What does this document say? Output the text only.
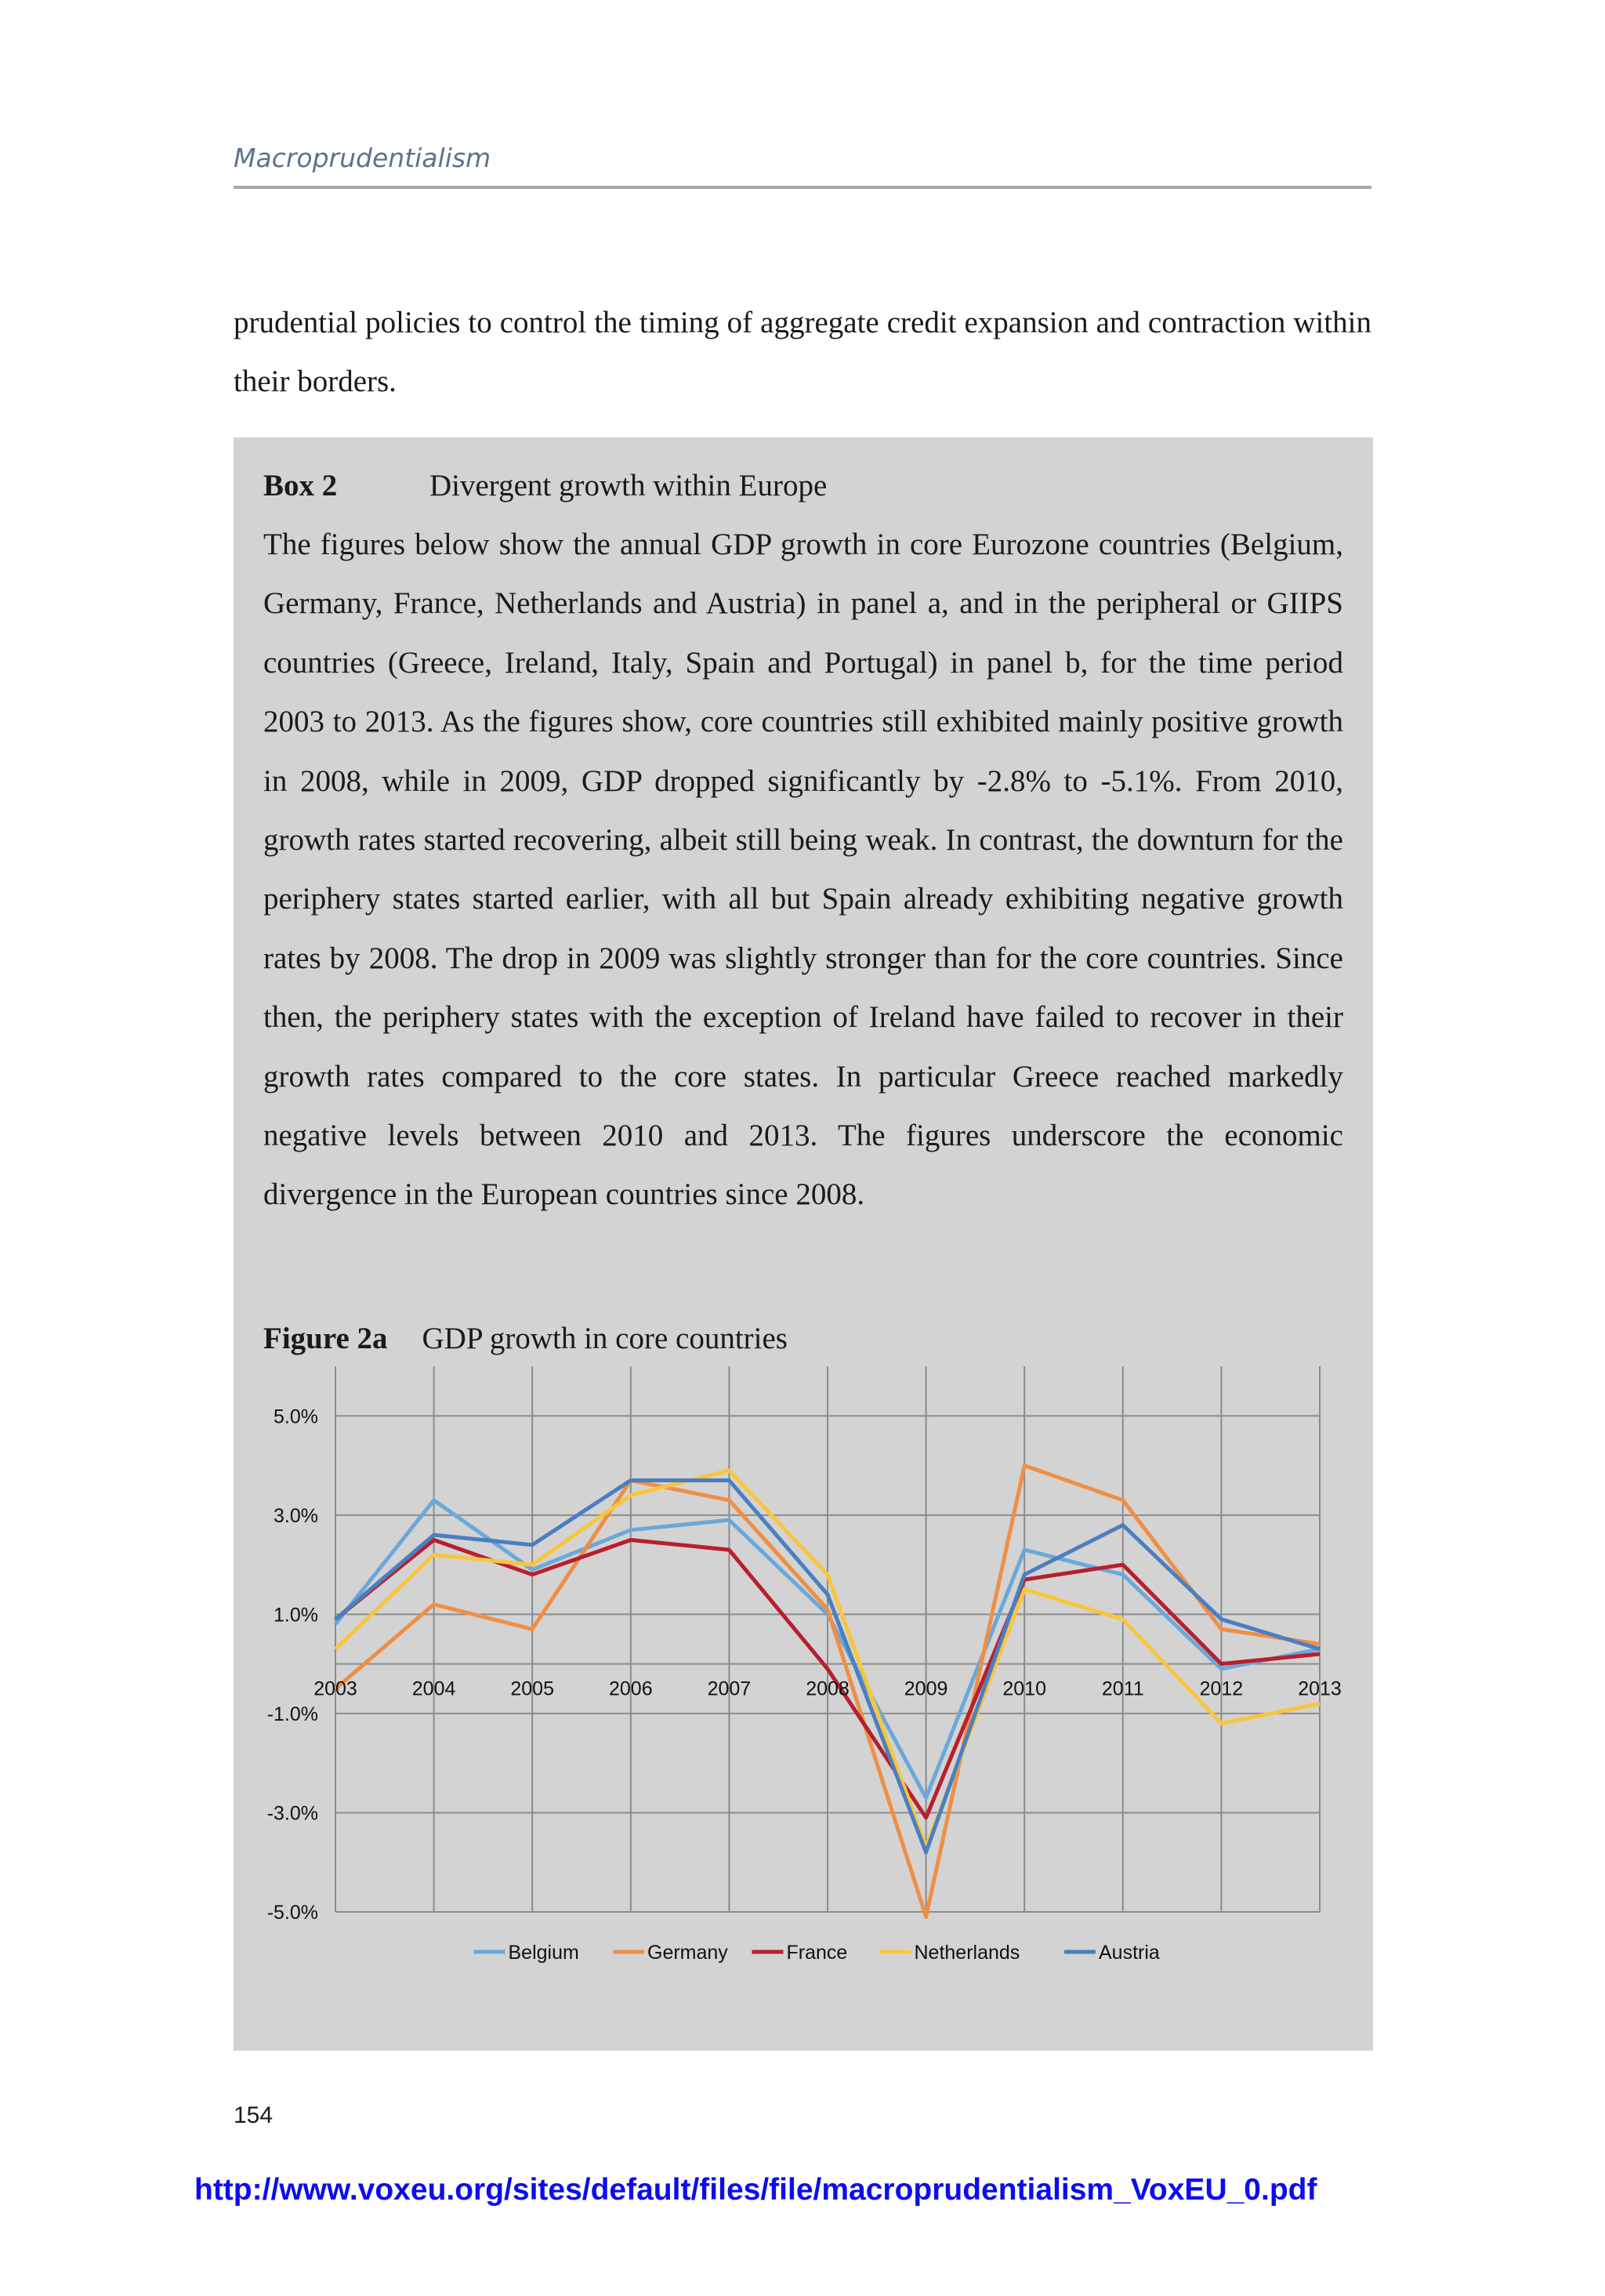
Macroprudentialism

prudential policies to control the timing of aggregate credit expansion and contraction within their borders.

Box 2	Divergent growth within Europe

The figures below show the annual GDP growth in core Eurozone countries (Belgium, Germany, France, Netherlands and Austria) in panel a, and in the peripheral or GIIPS countries (Greece, Ireland, Italy, Spain and Portugal) in panel b, for the time period 2003 to 2013. As the figures show, core countries still exhibited mainly positive growth in 2008, while in 2009, GDP dropped significantly by -2.8% to -5.1%. From 2010, growth rates started recovering, albeit still being weak. In contrast, the downturn for the periphery states started earlier, with all but Spain already exhibiting negative growth rates by 2008. The drop in 2009 was slightly stronger than for the core countries. Since then, the periphery states with the exception of Ireland have failed to recover in their growth rates compared to the core states. In particular Greece reached markedly negative levels between 2010 and 2013. The figures underscore the economic divergence in the European countries since 2008.

Figure 2a GDP growth in core countries
5.0%
3.0%
1.0%
-1.0%
-3.0%
-5.0%
2003	2004	2005	2006	2007	2008	2009	2010	2011	2012	2013
Belgium	Germany	France	Netherlands	Austria
154
http://www.voxeu.org/sites/default/files/file/macroprudentialism_VoxEU_0.pdf
